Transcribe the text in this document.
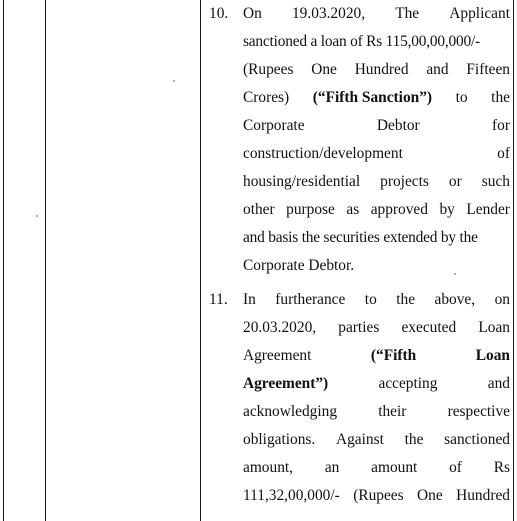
10. On 19.03.2020, The Applicant
sanctioned a loan of Rs 115,00,00,000/-
(Rupees One Hundred and Fifteen
Crores) (“Fifth Sanction”) to the
Corporate	Debtor	for
construction/development	of
housing/residential projects or such
other purpose as approved by Lender
and basis the securities extended by the
Corporate Debtor.
11. In furtherance to the above, on
20.03.2020, parties executed Loan
Agreement	(“Fifth	Loan
Agreement”)	accepting	and
acknowledging	their	respective
obligations. Against the sanctioned
amount, an amount of Rs
111,32,00,000/- (Rupees One Hundred
